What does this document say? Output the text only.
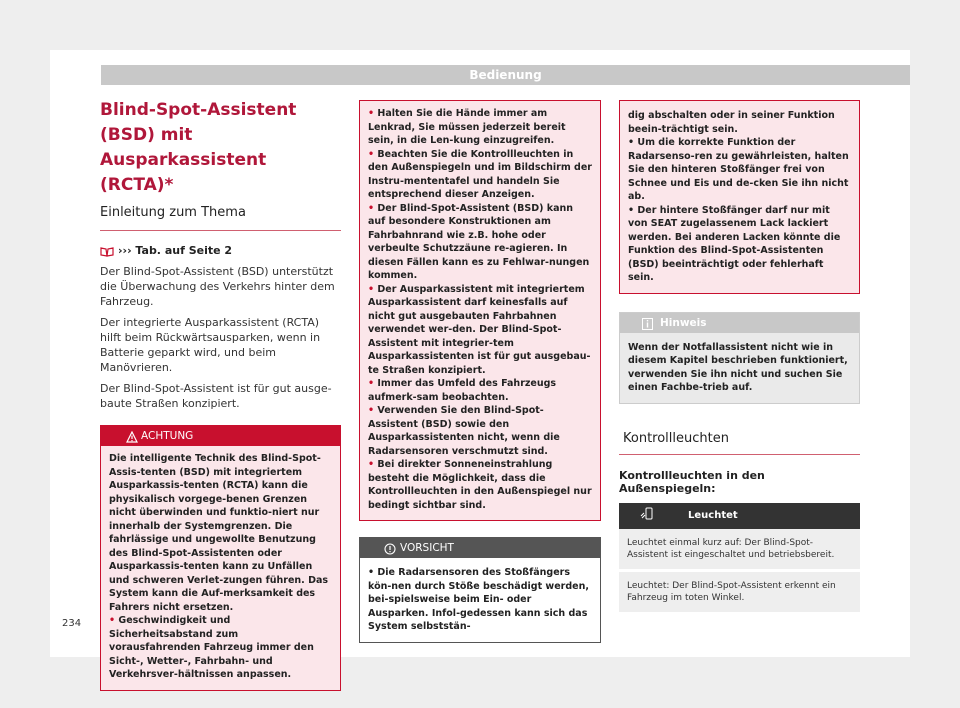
Bedienung
Blind-Spot-Assistent (BSD) mit Ausparkassistent (RCTA)*
Einleitung zum Thema
››› Tab. auf Seite 2

Der Blind-Spot-Assistent (BSD) unterstützt die Überwachung des Verkehrs hinter dem Fahrzeug.

Der integrierte Ausparkassistent (RCTA) hilft beim Rückwärtsausparken, wenn in Batterie geparkt wird, und beim Manövrieren.

Der Blind-Spot-Assistent ist für gut ausge-baute Straßen konzipiert.

ACHTUNG

Die intelligente Technik des Blind-Spot-Assis-tenten (BSD) mit integriertem Ausparkassis-tenten (RCTA) kann die physikalisch vorgege-benen Grenzen nicht überwinden und funktio-niert nur innerhalb der Systemgrenzen. Die fahrlässige und ungewollte Benutzung des Blind-Spot-Assistenten oder Ausparkassis-tenten kann zu Unfällen und schweren Verlet-zungen führen. Das System kann die Auf-merksamkeit des Fahrers nicht ersetzen.

• Geschwindigkeit und Sicherheitsabstand zum vorausfahrenden Fahrzeug immer den Sicht-, Wetter-, Fahrbahn- und Verkehrsver-hältnissen anpassen.

• Halten Sie die Hände immer am Lenkrad, Sie müssen jederzeit bereit sein, in die Len-kung einzugreifen.

• Beachten Sie die Kontrollleuchten in den Außenspiegeln und im Bildschirm der Instru-mententafel und handeln Sie entsprechend dieser Anzeigen.

• Der Blind-Spot-Assistent (BSD) kann auf besondere Konstruktionen am Fahrbahnrand wie z.B. hohe oder verbeulte Schutzzäune re-agieren. In diesen Fällen kann es zu Fehlwar-nungen kommen.

• Der Ausparkassistent mit integriertem Ausparkassistent darf keinesfalls auf nicht gut ausgebauten Fahrbahnen verwendet wer-den. Der Blind-Spot-Assistent mit integrier-tem Ausparkassistenten ist für gut ausgebau-te Straßen konzipiert.

• Immer das Umfeld des Fahrzeugs aufmerk-sam beobachten.

• Verwenden Sie den Blind-Spot-Assistent (BSD) sowie den Ausparkassistenten nicht, wenn die Radarsensoren verschmutzt sind.

• Bei direkter Sonneneinstrahlung besteht die Möglichkeit, dass die Kontrollleuchten in den Außenspiegel nur bedingt sichtbar sind.

VORSICHT

• Die Radarsensoren des Stoßfängers kön-nen durch Stöße beschädigt werden, bei-spielsweise beim Ein- oder Ausparken. Infol-gedessen kann sich das System selbststän-

dig abschalten oder in seiner Funktion beein-trächtigt sein.

• Um die korrekte Funktion der Radarsenso-ren zu gewährleisten, halten Sie den hinteren Stoßfänger frei von Schnee und Eis und de-cken Sie ihn nicht ab.

• Der hintere Stoßfänger darf nur mit von SEAT zugelassenem Lack lackiert werden. Bei anderen Lacken könnte die Funktion des Blind-Spot-Assistenten (BSD) beeinträchtigt oder fehlerhaft sein.

Hinweis

Wenn der Notfallassistent nicht wie in diesem Kapitel beschrieben funktioniert, verwenden Sie ihn nicht und suchen Sie einen Fachbe-trieb auf.

Kontrollleuchten
Kontrollleuchten in den Außenspiegeln:
	Leuchtet
Leuchtet einmal kurz auf: Der Blind-Spot-Assistent ist eingeschaltet und betriebsbereit.
Leuchtet: Der Blind-Spot-Assistent erkennt ein Fahrzeug im toten Winkel.
234
